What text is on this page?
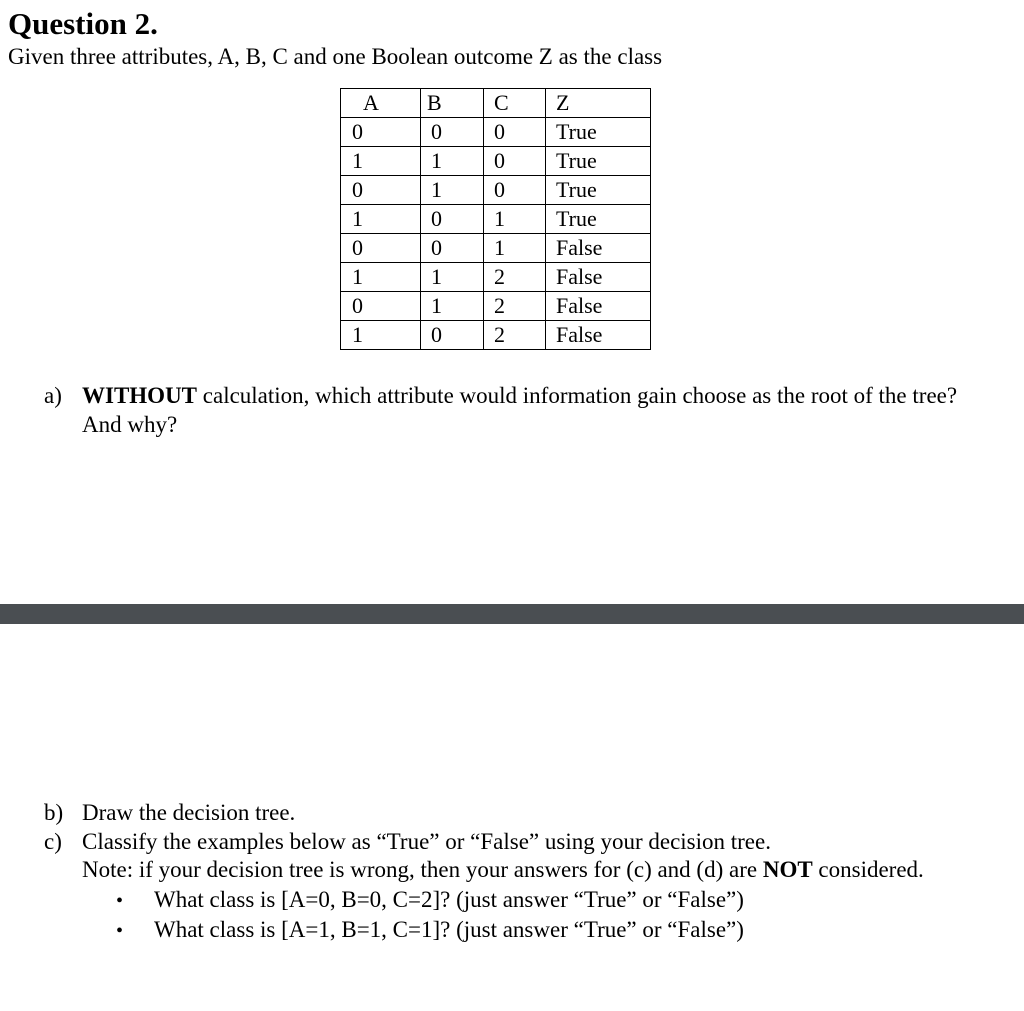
Question 2.
Given three attributes, A, B, C and one Boolean outcome Z as the class
A	B	C	Z
0	0	0	True
1	1	0	True
0	1	0	True
1	0	1	True
0	0	1	False
1	1	2	False
0	1	2	False
1	0	2	False
a) WITHOUT calculation, which attribute would information gain choose as the root of the tree? And why?
b) Draw the decision tree.
c) Classify the examples below as “True” or “False” using your decision tree.
Note: if your decision tree is wrong, then your answers for (c) and (d) are NOT considered.
• What class is [A=0, B=0, C=2]? (just answer “True” or “False”)
• What class is [A=1, B=1, C=1]? (just answer “True” or “False”)
